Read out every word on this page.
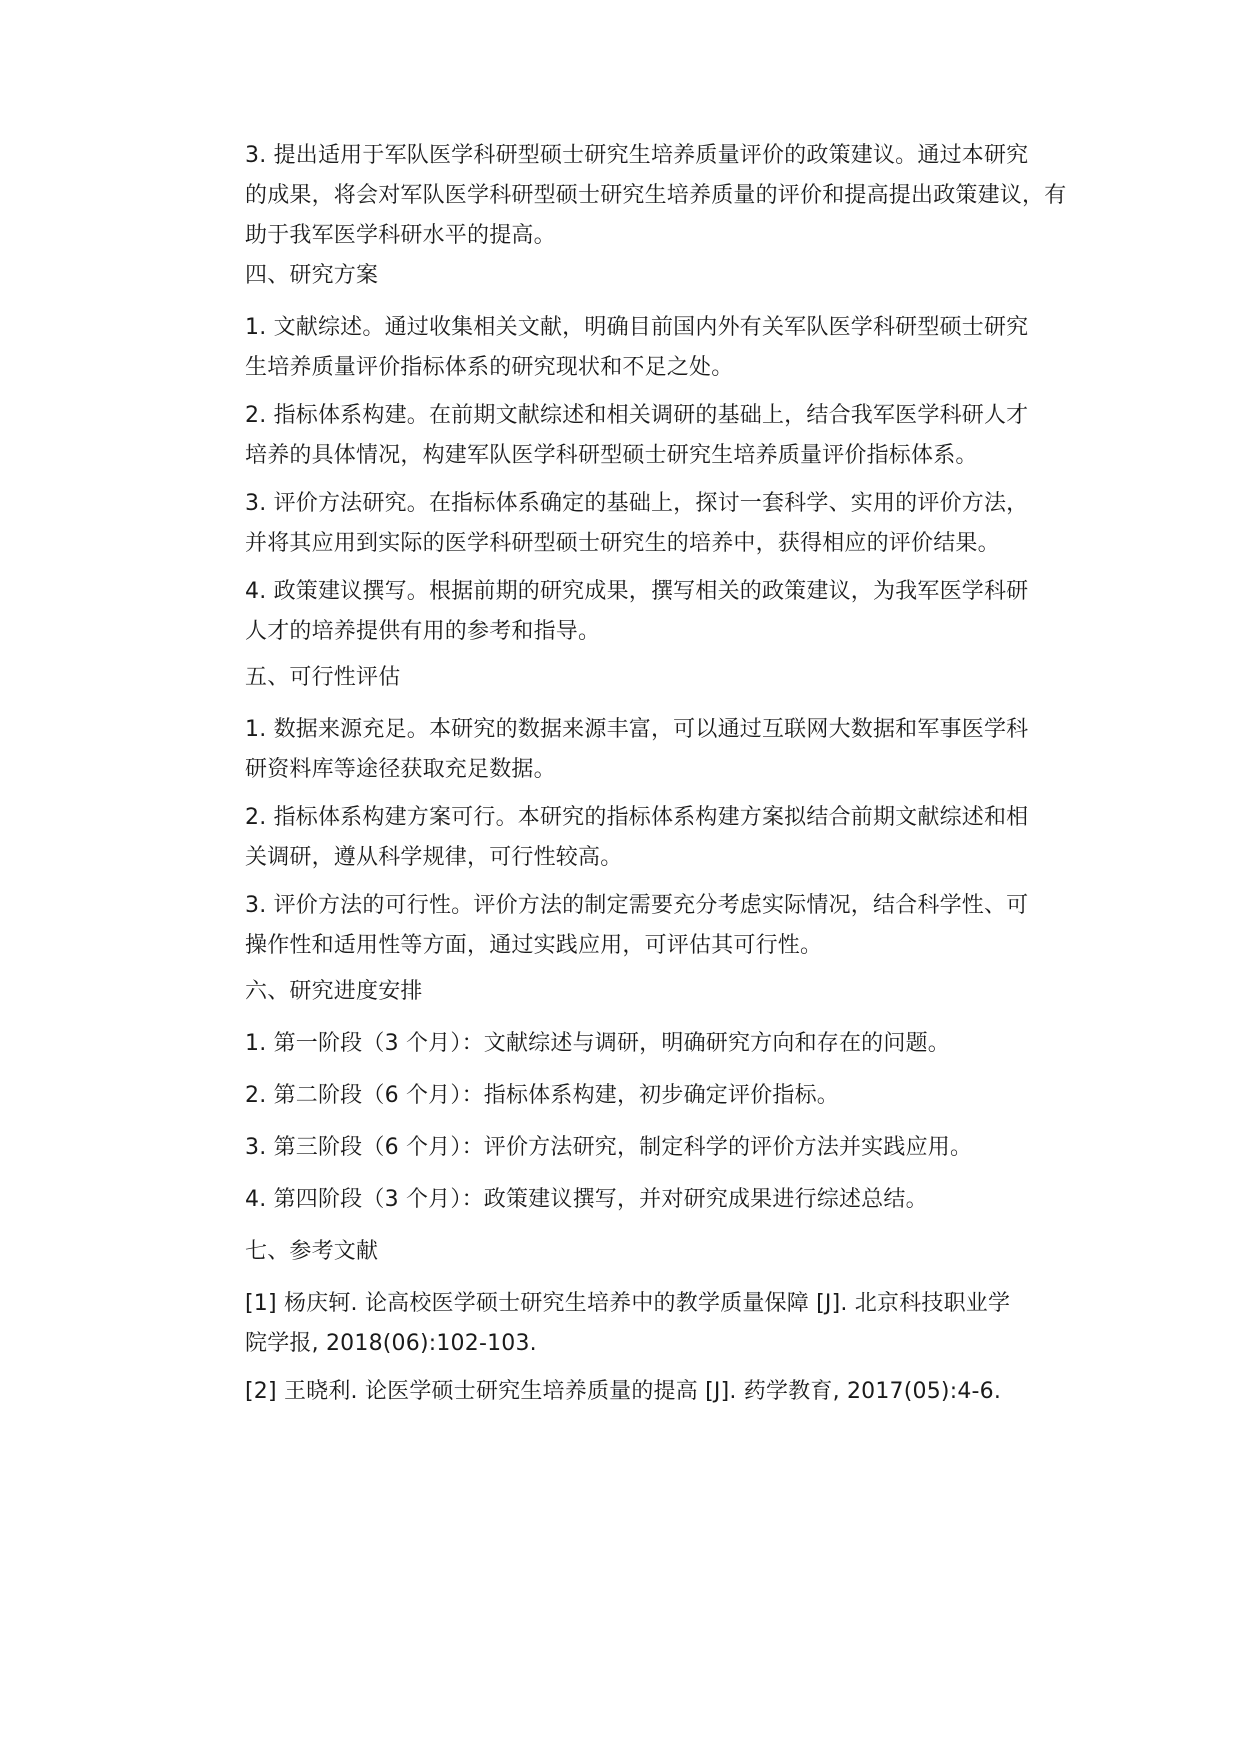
3. 提出适用于军队医学科研型硕士研究生培养质量评价的政策建议。通过本研究
的成果，将会对军队医学科研型硕士研究生培养质量的评价和提高提出政策建议，有
助于我军医学科研水平的提高。
四、研究方案
1. 文献综述。通过收集相关文献，明确目前国内外有关军队医学科研型硕士研究
生培养质量评价指标体系的研究现状和不足之处。
2. 指标体系构建。在前期文献综述和相关调研的基础上，结合我军医学科研人才
培养的具体情况，构建军队医学科研型硕士研究生培养质量评价指标体系。
3. 评价方法研究。在指标体系确定的基础上，探讨一套科学、实用的评价方法，
并将其应用到实际的医学科研型硕士研究生的培养中，获得相应的评价结果。
4. 政策建议撰写。根据前期的研究成果，撰写相关的政策建议，为我军医学科研
人才的培养提供有用的参考和指导。
五、可行性评估
1. 数据来源充足。本研究的数据来源丰富，可以通过互联网大数据和军事医学科
研资料库等途径获取充足数据。
2. 指标体系构建方案可行。本研究的指标体系构建方案拟结合前期文献综述和相
关调研，遵从科学规律，可行性较高。
3. 评价方法的可行性。评价方法的制定需要充分考虑实际情况，结合科学性、可
操作性和适用性等方面，通过实践应用，可评估其可行性。
六、研究进度安排
1. 第一阶段（3 个月）：文献综述与调研，明确研究方向和存在的问题。
2. 第二阶段（6 个月）：指标体系构建，初步确定评价指标。
3. 第三阶段（6 个月）：评价方法研究，制定科学的评价方法并实践应用。
4. 第四阶段（3 个月）：政策建议撰写，并对研究成果进行综述总结。
七、参考文献
[1] 杨庆轲. 论高校医学硕士研究生培养中的教学质量保障 [J]. 北京科技职业学
院学报, 2018(06):102-103.
[2] 王晓利. 论医学硕士研究生培养质量的提高 [J]. 药学教育, 2017(05):4-6.
